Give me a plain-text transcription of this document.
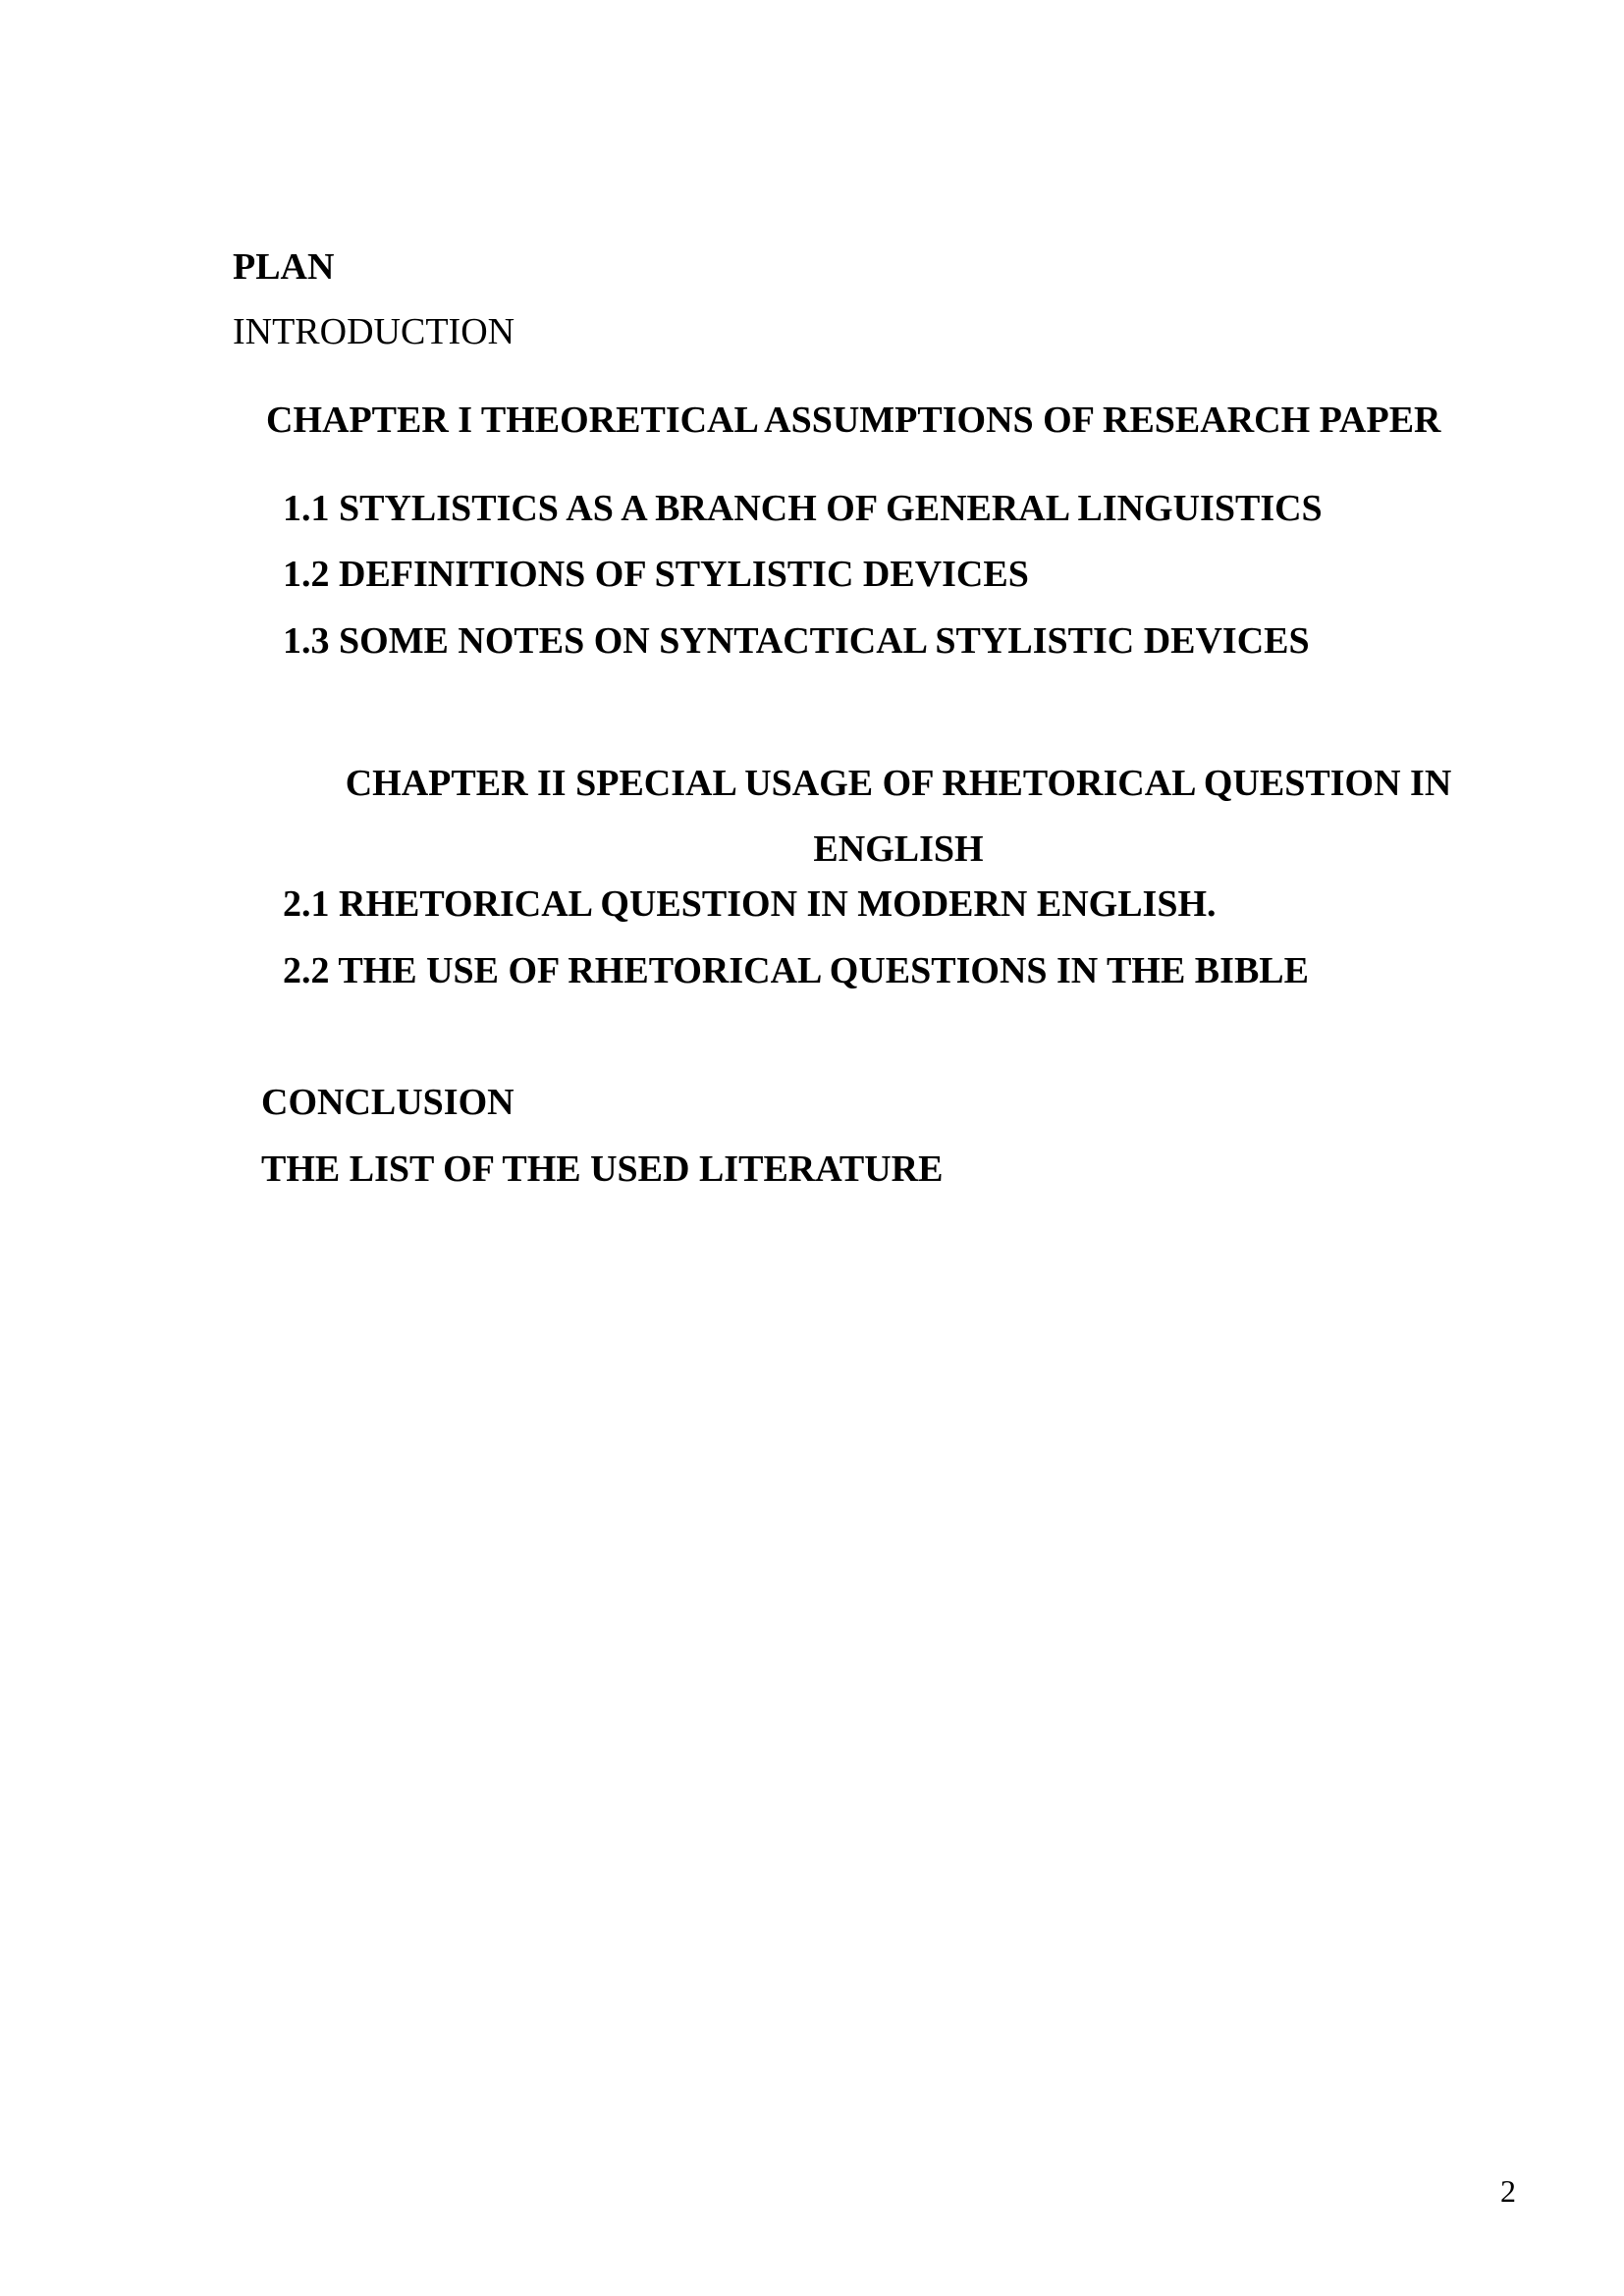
PLAN
INTRODUCTION
CHAPTER I THEORETICAL ASSUMPTIONS OF RESEARCH PAPER
1.1 STYLISTICS AS A BRANCH OF GENERAL LINGUISTICS
1.2 DEFINITIONS OF STYLISTIC DEVICES
1.3 SOME NOTES ON SYNTACTICAL STYLISTIC DEVICES
CHAPTER II SPECIAL USAGE OF RHETORICAL QUESTION IN
ENGLISH
2.1 RHETORICAL QUESTION IN MODERN ENGLISH.
2.2 THE USE OF RHETORICAL QUESTIONS IN THE BIBLE
CONCLUSION
THE LIST OF THE USED LITERATURE
2
